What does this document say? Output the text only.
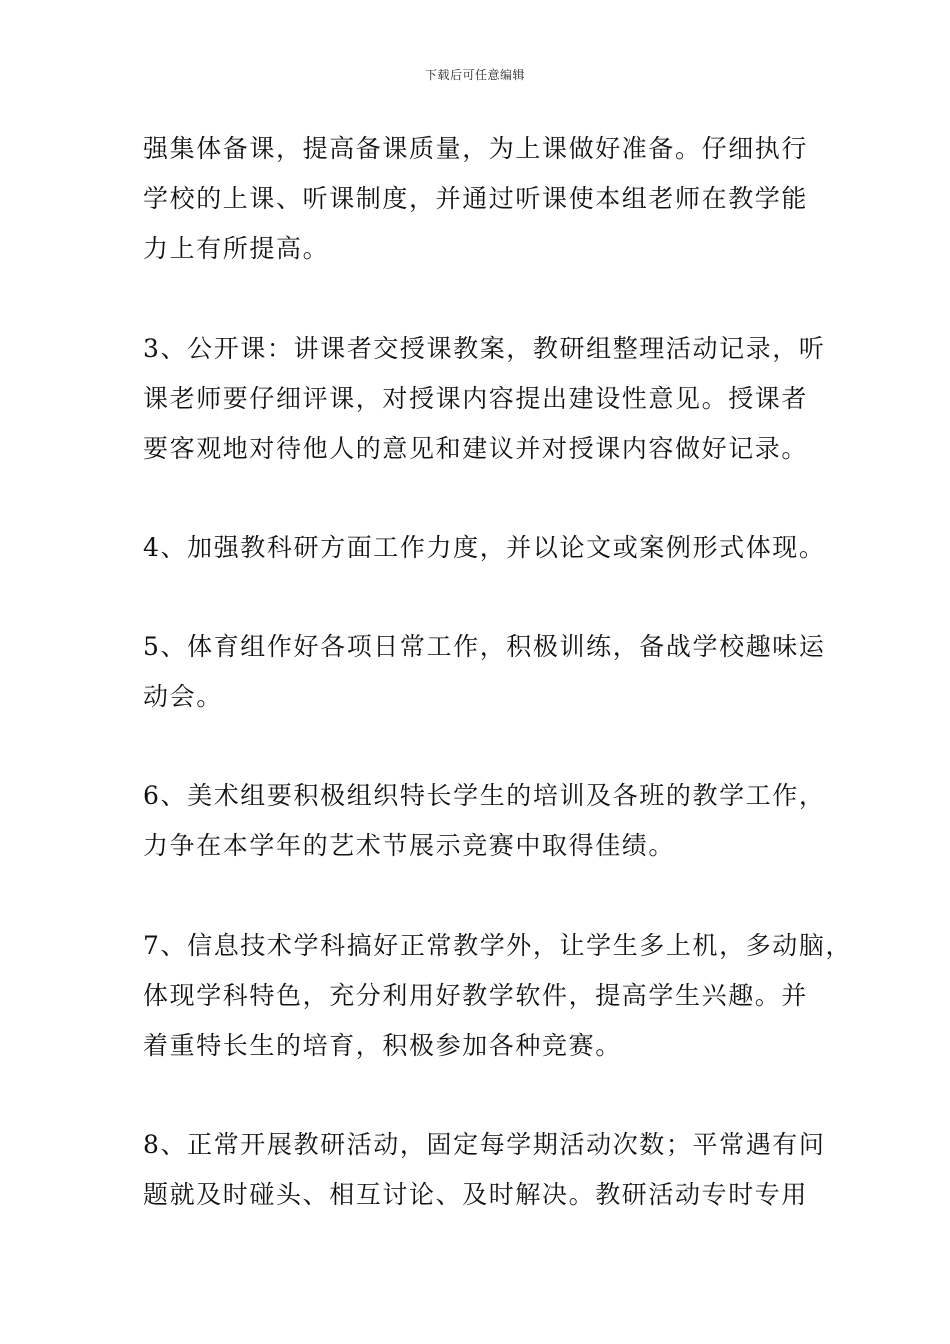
下载后可任意编辑
强集体备课，提高备课质量，为上课做好准备。仔细执行
学校的上课、听课制度，并通过听课使本组老师在教学能
力上有所提高。
3、公开课：讲课者交授课教案，教研组整理活动记录，听
课老师要仔细评课，对授课内容提出建设性意见。授课者
要客观地对待他人的意见和建议并对授课内容做好记录。
4、加强教科研方面工作力度，并以论文或案例形式体现。
5、体育组作好各项日常工作，积极训练，备战学校趣味运
动会。
6、美术组要积极组织特长学生的培训及各班的教学工作，
力争在本学年的艺术节展示竞赛中取得佳绩。
7、信息技术学科搞好正常教学外，让学生多上机，多动脑，
体现学科特色，充分利用好教学软件，提高学生兴趣。并
着重特长生的培育，积极参加各种竞赛。
8、正常开展教研活动，固定每学期活动次数；平常遇有问
题就及时碰头、相互讨论、及时解决。教研活动专时专用
